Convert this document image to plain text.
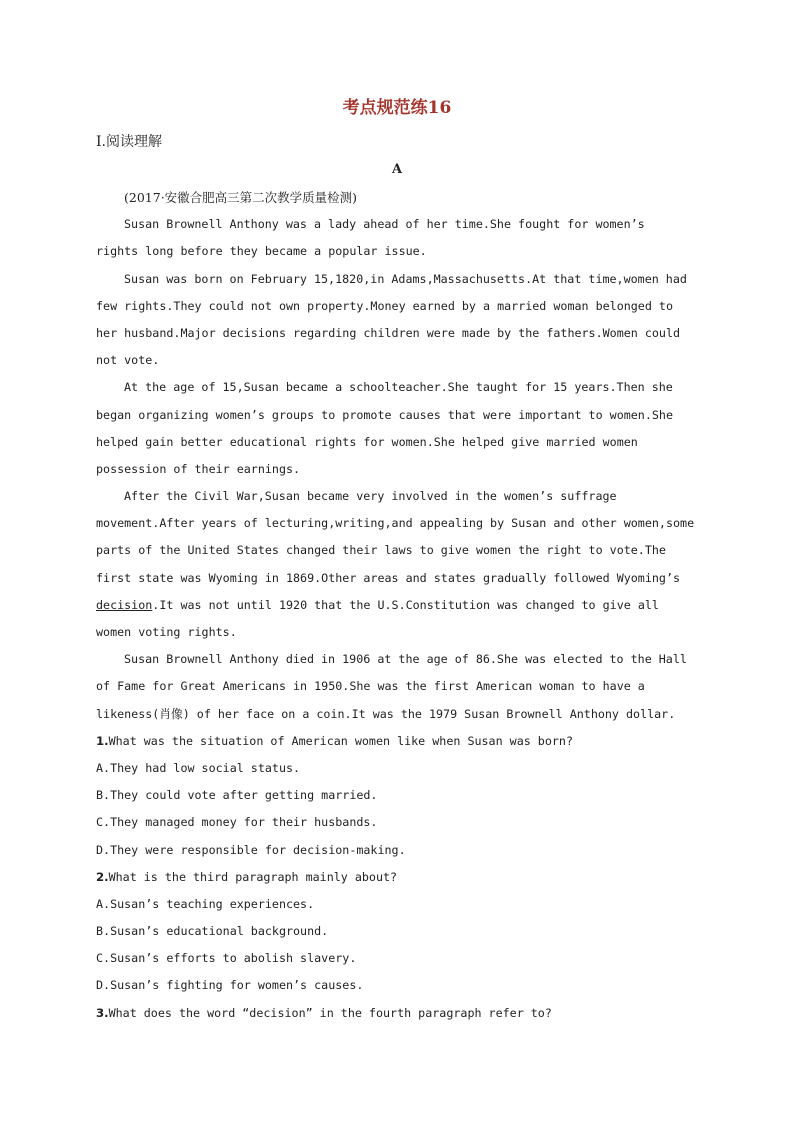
考点规范练16
Ⅰ.阅读理解
A
(2017·安徽合肥高三第二次教学质量检测)
Susan Brownell Anthony was a lady ahead of her time.She fought for women’s
rights long before they became a popular issue.
Susan was born on February 15,1820,in Adams,Massachusetts.At that time,women had
few rights.They could not own property.Money earned by a married woman belonged to
her husband.Major decisions regarding children were made by the fathers.Women could
not vote.
At the age of 15,Susan became a schoolteacher.She taught for 15 years.Then she
began organizing women’s groups to promote causes that were important to women.She
helped gain better educational rights for women.She helped give married women
possession of their earnings.
After the Civil War,Susan became very involved in the women’s suffrage
movement.After years of lecturing,writing,and appealing by Susan and other women,some
parts of the United States changed their laws to give women the right to vote.The
first state was Wyoming in 1869.Other areas and states gradually followed Wyoming’s
decision.It was not until 1920 that the U.S.Constitution was changed to give all
women voting rights.
Susan Brownell Anthony died in 1906 at the age of 86.She was elected to the Hall
of Fame for Great Americans in 1950.She was the first American woman to have a
likeness(肖像) of her face on a coin.It was the 1979 Susan Brownell Anthony dollar.
1.What was the situation of American women like when Susan was born?
A.They had low social status.
B.They could vote after getting married.
C.They managed money for their husbands.
D.They were responsible for decision-making.
2.What is the third paragraph mainly about?
A.Susan’s teaching experiences.
B.Susan’s educational background.
C.Susan’s efforts to abolish slavery.
D.Susan’s fighting for women’s causes.
3.What does the word “decision” in the fourth paragraph refer to?
